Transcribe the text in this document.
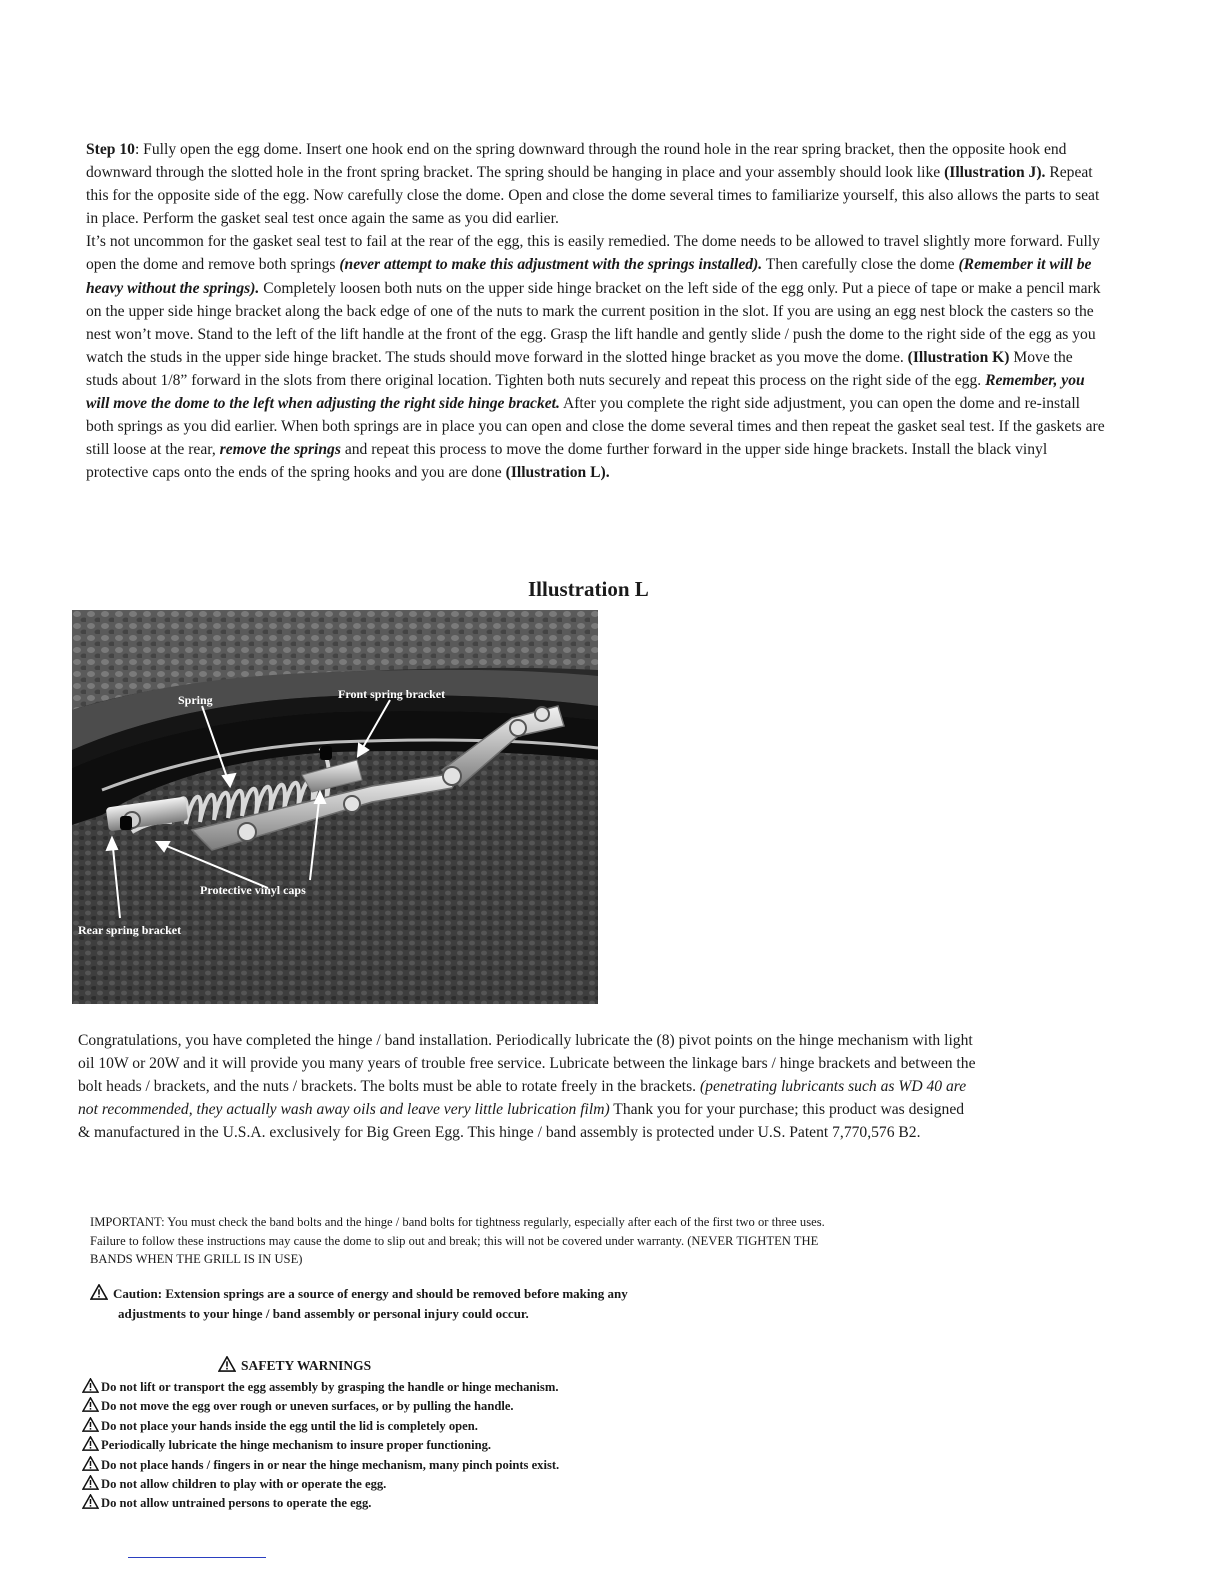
Step 10: Fully open the egg dome. Insert one hook end on the spring downward through the round hole in the rear spring bracket, then the opposite hook end downward through the slotted hole in the front spring bracket. The spring should be hanging in place and your assembly should look like (Illustration J). Repeat this for the opposite side of the egg. Now carefully close the dome. Open and close the dome several times to familiarize yourself, this also allows the parts to seat in place. Perform the gasket seal test once again the same as you did earlier.

It’s not uncommon for the gasket seal test to fail at the rear of the egg, this is easily remedied. The dome needs to be allowed to travel slightly more forward. Fully open the dome and remove both springs (never attempt to make this adjustment with the springs installed). Then carefully close the dome (Remember it will be heavy without the springs). Completely loosen both nuts on the upper side hinge bracket on the left side of the egg only. Put a piece of tape or make a pencil mark on the upper side hinge bracket along the back edge of one of the nuts to mark the current position in the slot. If you are using an egg nest block the casters so the nest won’t move. Stand to the left of the lift handle at the front of the egg. Grasp the lift handle and gently slide / push the dome to the right side of the egg as you watch the studs in the upper side hinge bracket. The studs should move forward in the slotted hinge bracket as you move the dome. (Illustration K) Move the studs about 1/8” forward in the slots from there original location. Tighten both nuts securely and repeat this process on the right side of the egg. Remember, you will move the dome to the left when adjusting the right side hinge bracket. After you complete the right side adjustment, you can open the dome and re-install both springs as you did earlier. When both springs are in place you can open and close the dome several times and then repeat the gasket seal test. If the gaskets are still loose at the rear, remove the springs and repeat this process to move the dome further forward in the upper side hinge brackets. Install the black vinyl protective caps onto the ends of the spring hooks and you are done (Illustration L).

Illustration L
Spring	Front spring bracket
Protective vinyl caps
Rear spring bracket

Congratulations, you have completed the hinge / band installation. Periodically lubricate the (8) pivot points on the hinge mechanism with light oil 10W or 20W and it will provide you many years of trouble free service. Lubricate between the linkage bars / hinge brackets and between the bolt heads / brackets, and the nuts / brackets. The bolts must be able to rotate freely in the brackets. (penetrating lubricants such as WD 40 are not recommended, they actually wash away oils and leave very little lubrication film) Thank you for your purchase; this product was designed & manufactured in the U.S.A. exclusively for Big Green Egg. This hinge / band assembly is protected under U.S. Patent 7,770,576 B2.

IMPORTANT: You must check the band bolts and the hinge / band bolts for tightness regularly, especially after each of the first two or three uses. Failure to follow these instructions may cause the dome to slip out and break; this will not be covered under warranty. (NEVER TIGHTEN THE BANDS WHEN THE GRILL IS IN USE)
Caution: Extension springs are a source of energy and should be removed before making any
adjustments to your hinge / band assembly or personal injury could occur.
SAFETY WARNINGS
Do not lift or transport the egg assembly by grasping the handle or hinge mechanism.
Do not move the egg over rough or uneven surfaces, or by pulling the handle.
Do not place your hands inside the egg until the lid is completely open.
Periodically lubricate the hinge mechanism to insure proper functioning.
Do not place hands / fingers in or near the hinge mechanism, many pinch points exist.
Do not allow children to play with or operate the egg.
Do not allow untrained persons to operate the egg.
